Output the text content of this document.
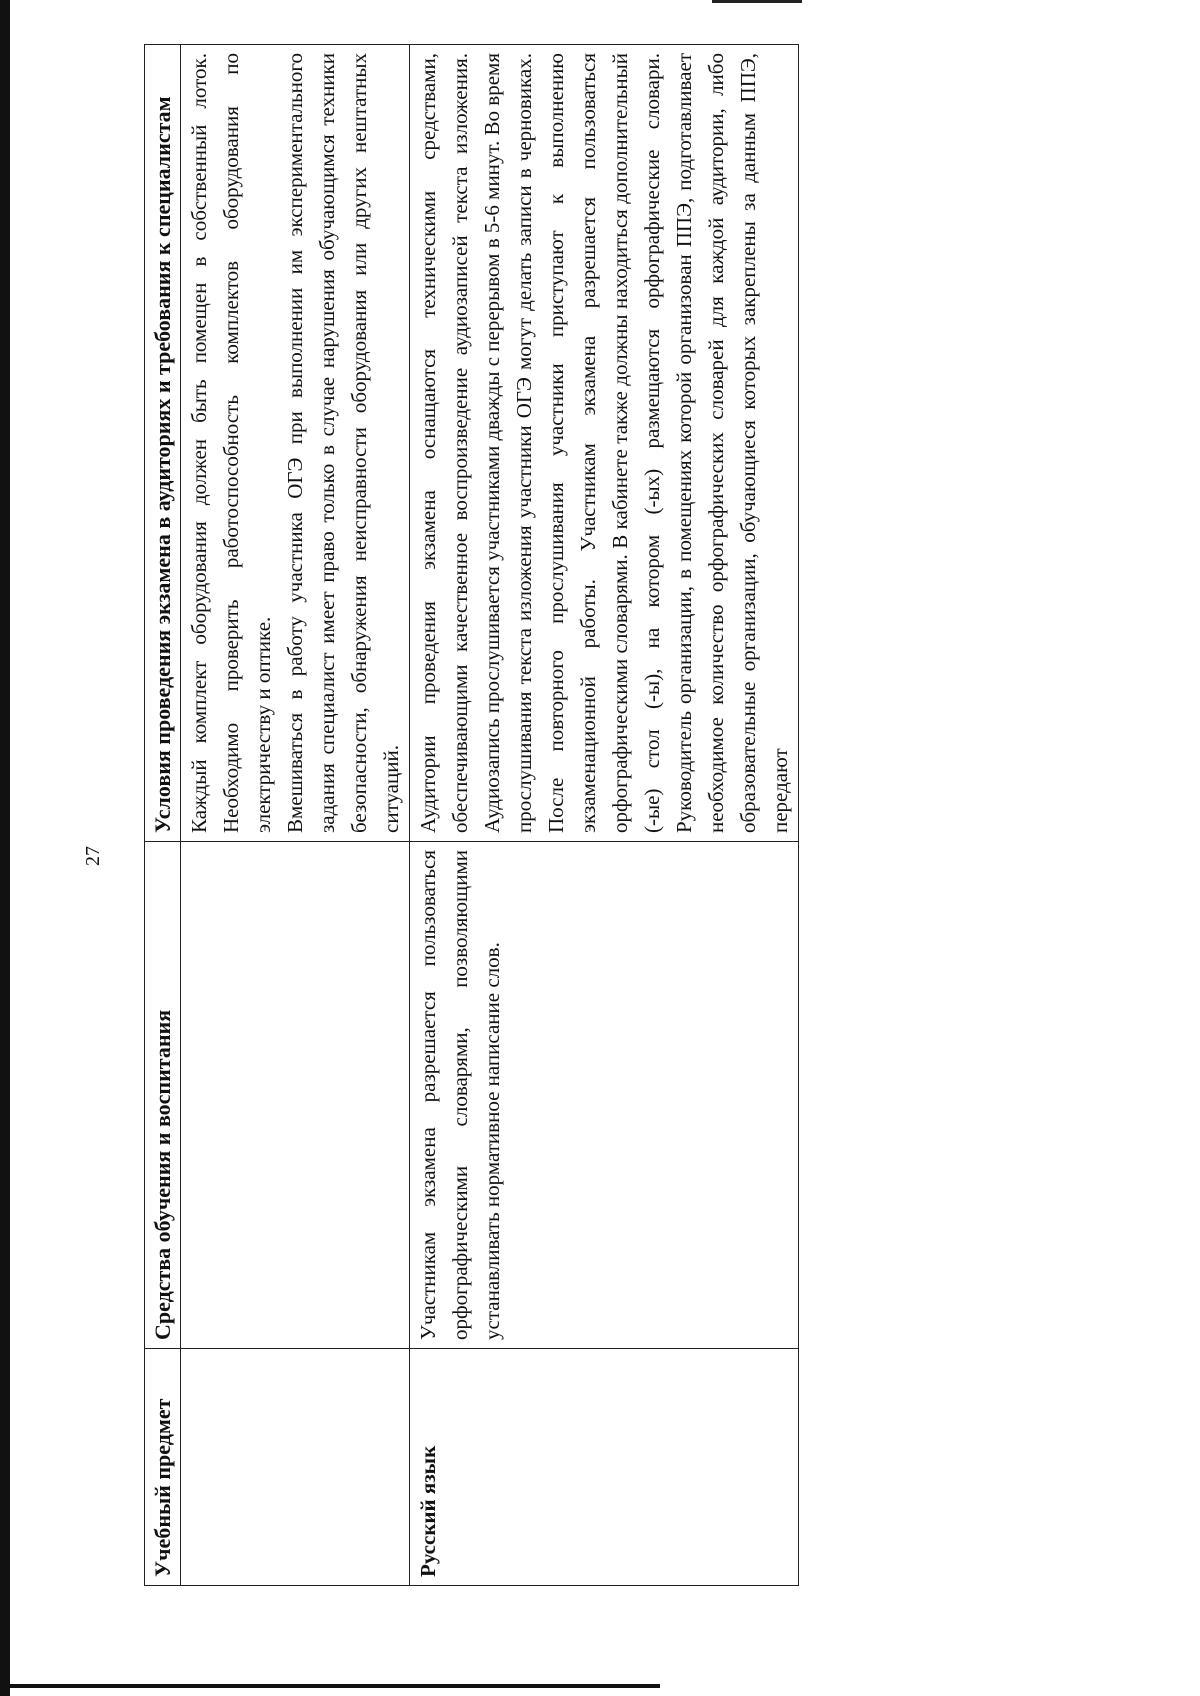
27
Учебный предмет	Средства обучения и воспитания	Условия проведения экзамена в аудиториях и требования к специалистам

		Каждый комплект оборудования должен быть помещен в собственный лоток. Необходимо проверить работоспособность комплектов оборудования по электричеству и оптике. Вмешиваться в работу участника ОГЭ при выполнении им экспериментального задания специалист имеет право только в случае нарушения обучающимся техники безопасности, обнаружения неисправности оборудования или других нештатных ситуаций.

Русский язык	Участникам экзамена разрешается пользоваться орфографическими словарями, позволяющими устанавливать нормативное написание слов.	Аудитории проведения экзамена оснащаются техническими средствами, обеспечивающими качественное воспроизведение аудиозаписей текста изложения. Аудиозапись прослушивается участниками дважды с перерывом в 5-6 минут. Во время прослушивания текста изложения участники ОГЭ могут делать записи в черновиках. После повторного прослушивания участники приступают к выполнению экзаменационной работы. Участникам экзамена разрешается пользоваться орфографическими словарями. В кабинете также должны находиться дополнительный (-ые) стол (-ы), на котором (-ых) размещаются орфографические словари. Руководитель организации, в помещениях которой организован ППЭ, подготавливает необходимое количество орфографических словарей для каждой аудитории, либо образовательные организации, обучающиеся которых закреплены за данным ППЭ, передают
